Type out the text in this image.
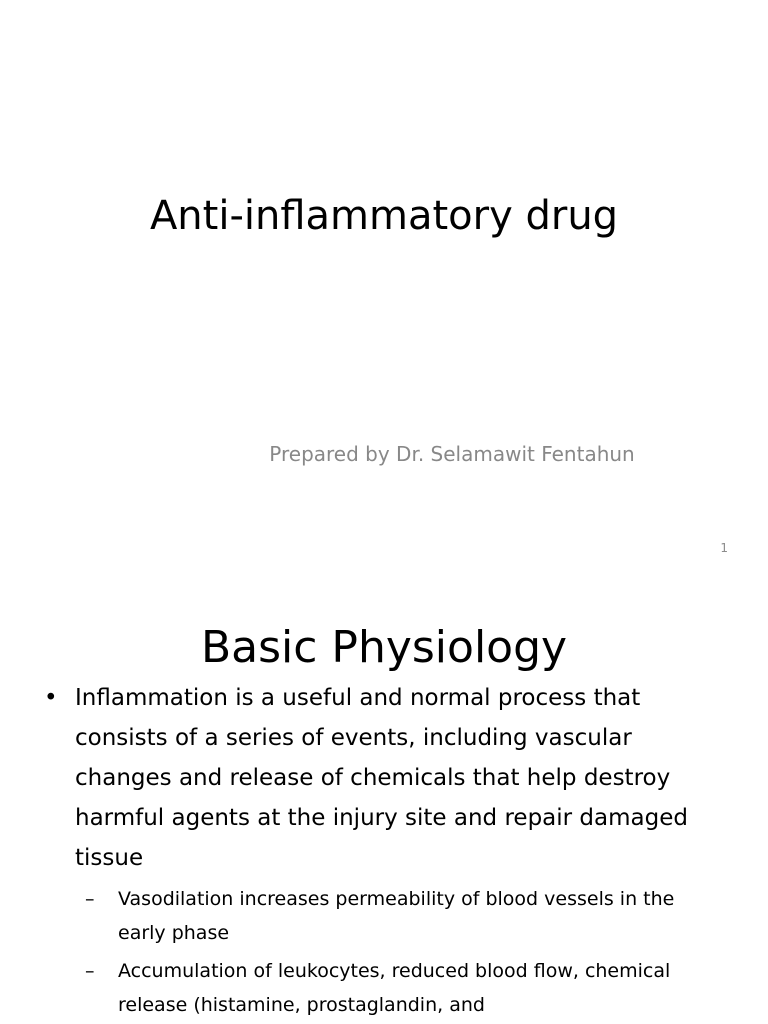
Anti-inflammatory drug
Prepared by Dr. Selamawit Fentahun
1
Basic Physiology
• Inflammation is a useful and normal process that consists of a series of events, including vascular changes and release of chemicals that help destroy harmful agents at the injury site and repair damaged tissue
– Vasodilation increases permeability of blood vessels in the early phase
– Accumulation of leukocytes, reduced blood flow, chemical release (histamine, prostaglandin, and
